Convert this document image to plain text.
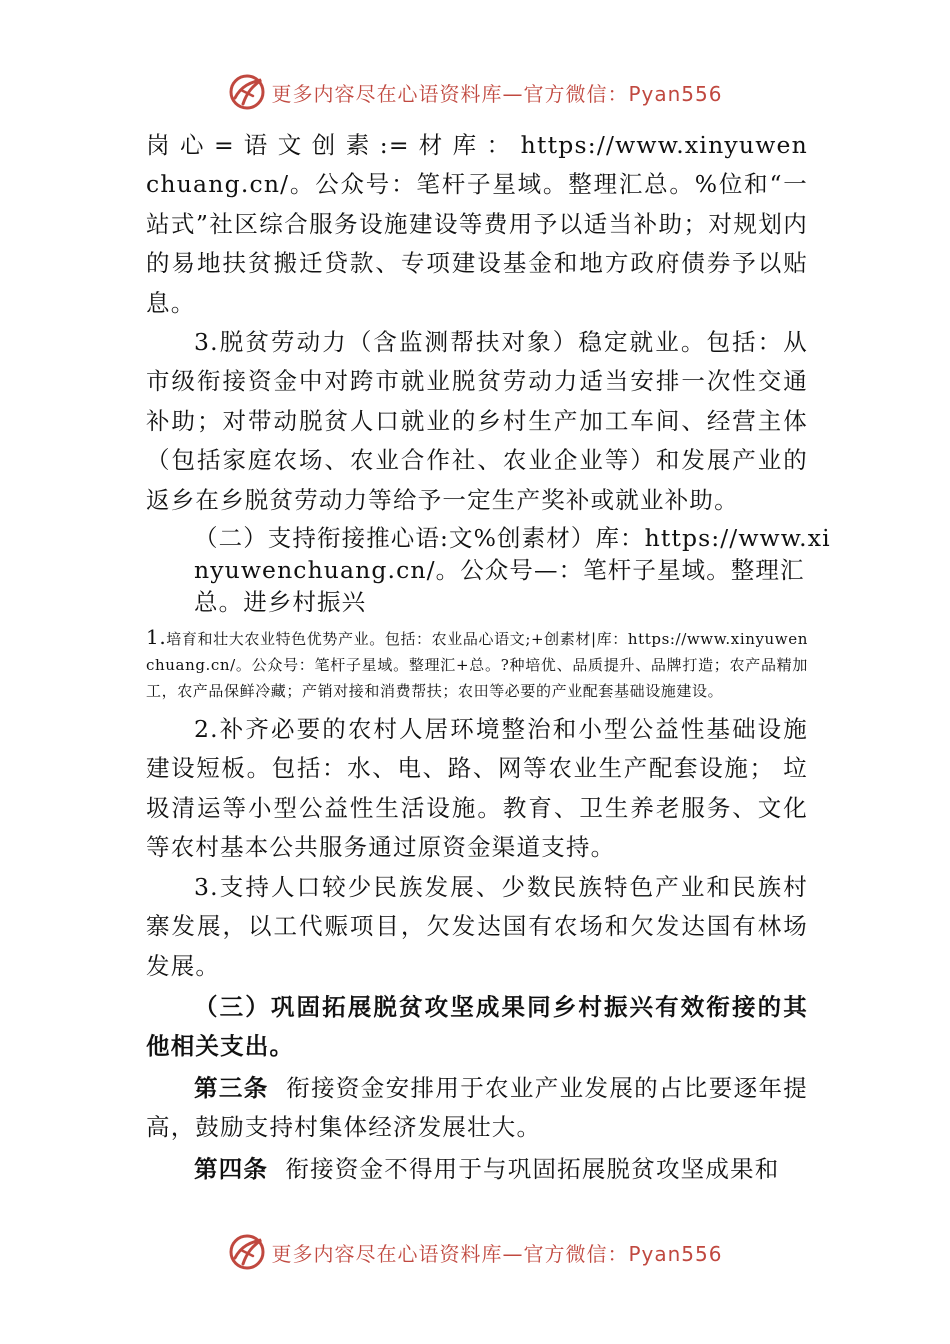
更多内容尽在心语资料库—官方微信：Pyan556

岗 心 = 语 文 创 素 := 材 库 ： https://www.xinyuwenchuang.cn/。公众号：笔杆子星域。整理汇总。%位和“一站式”社区综合服务设施建设等费用予以适当补助；对规划内的易地扶贫搬迁贷款、专项建设基金和地方政府债券予以贴息。

3.脱贫劳动力（含监测帮扶对象）稳定就业。包括：从市级衔接资金中对跨市就业脱贫劳动力适当安排一次性交通补助；对带动脱贫人口就业的乡村生产加工车间、经营主体（包括家庭农场、农业合作社、农业企业等）和发展产业的返乡在乡脱贫劳动力等给予一定生产奖补或就业补助。

（二）支持衔接推心语:文%创素材）库：https://www.xinyuwenchuang.cn/。公众号—：笔杆子星域。整理汇总。进乡村振兴

1.培育和壮大农业特色优势产业。包括：农业品心语文;+创素材|库：https://www.xinyuwenchuang.cn/。公众号：笔杆子星域。整理汇+总。?种培优、品质提升、品牌打造；农产品精加工，农产品保鲜冷藏；产销对接和消费帮扶；农田等必要的产业配套基础设施建设。

2.补齐必要的农村人居环境整治和小型公益性基础设施建设短板。包括：水、电、路、网等农业生产配套设施； 垃圾清运等小型公益性生活设施。教育、卫生养老服务、文化等农村基本公共服务通过原资金渠道支持。

3.支持人口较少民族发展、少数民族特色产业和民族村寨发展，以工代赈项目，欠发达国有农场和欠发达国有林场发展。

（三）巩固拓展脱贫攻坚成果同乡村振兴有效衔接的其他相关支出。

第三条 衔接资金安排用于农业产业发展的占比要逐年提高，鼓励支持村集体经济发展壮大。

第四条 衔接资金不得用于与巩固拓展脱贫攻坚成果和

更多内容尽在心语资料库—官方微信：Pyan556
